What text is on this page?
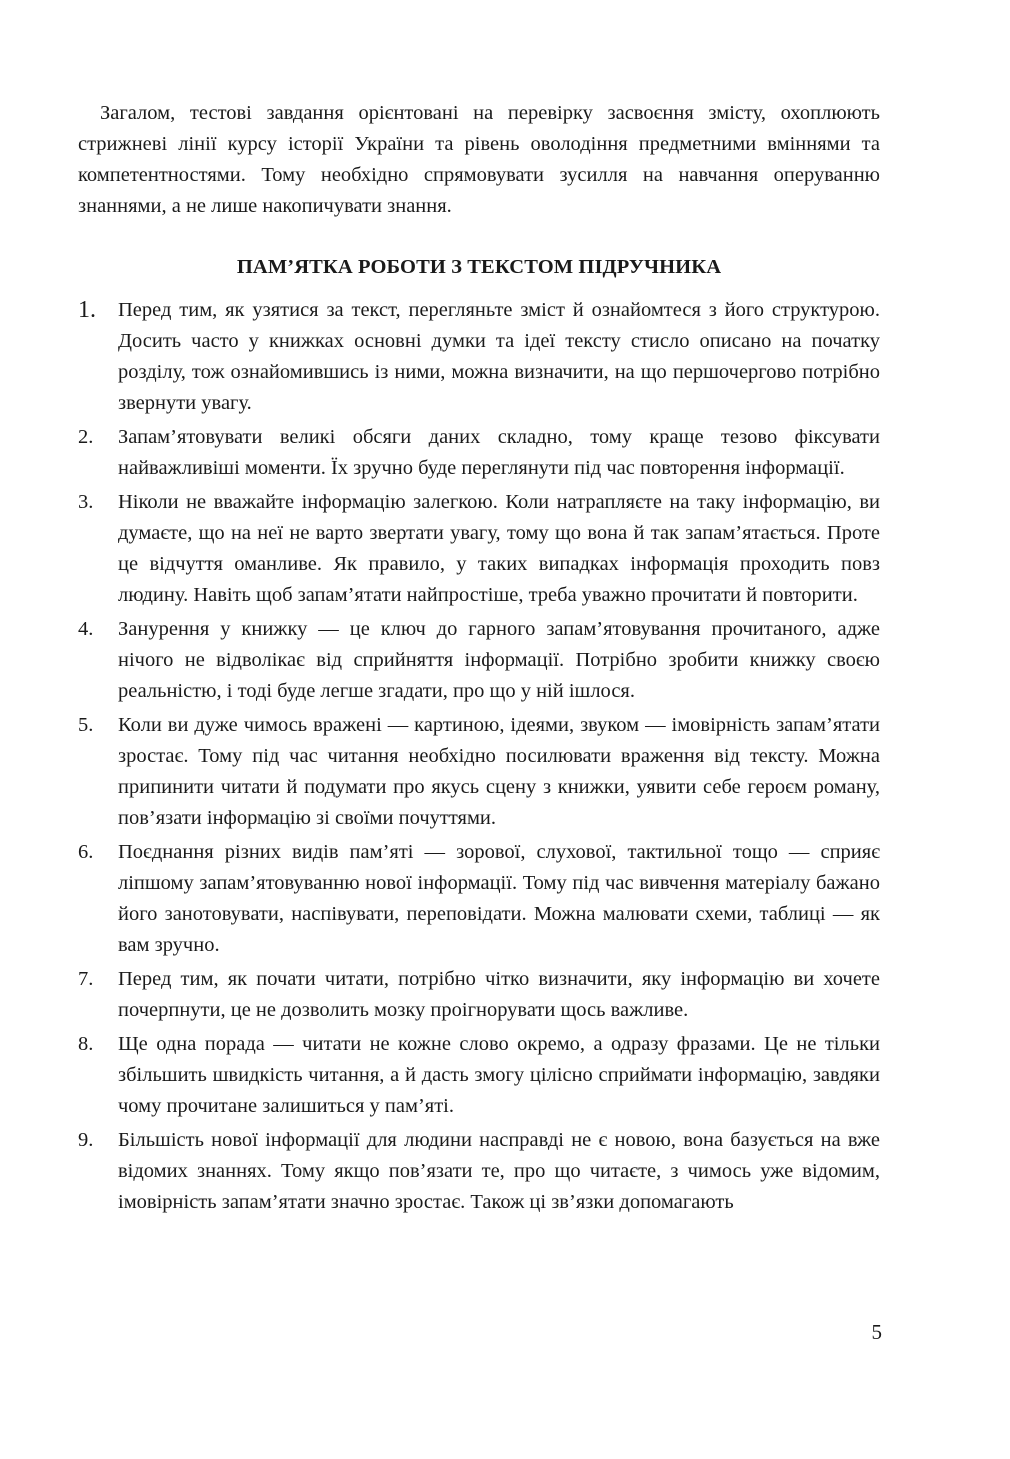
Загалом, тестові завдання орієнтовані на перевірку засвоєння змісту, охоплюють стрижневі лінії курсу історії України та рівень оволодіння предметними вміннями та компетентностями. Тому необхідно спрямовувати зусилля на навчання оперуванню знаннями, а не лише накопичувати знання.

ПАМ’ЯТКА РОБОТИ З ТЕКСТОМ ПІДРУЧНИКА
1.	Перед тим, як узятися за текст, перегляньте зміст й ознайомтеся з його структурою. Досить часто у книжках основні думки та ідеї тексту стисло описано на початку розділу, тож ознайомившись із ними, можна визначити, на що першочергово потрібно звернути увагу.
2.	Запам’ятовувати великі обсяги даних складно, тому краще тезово фіксувати найважливіші моменти. Їх зручно буде переглянути під час повторення інформації.
3.	Ніколи не вважайте інформацію залегкою. Коли натрапляєте на таку інформацію, ви думаєте, що на неї не варто звертати увагу, тому що вона й так запам’ятається. Проте це відчуття оманливе. Як правило, у таких випадках інформація проходить повз людину. Навіть щоб запам’ятати найпростіше, треба уважно прочитати й повторити.
4.	Занурення у книжку — це ключ до гарного запам’ятовування прочитаного, адже нічого не відволікає від сприйняття інформації. Потрібно зробити книжку своєю реальністю, і тоді буде легше згадати, про що у ній ішлося.
5.	Коли ви дуже чимось вражені — картиною, ідеями, звуком — імовірність запам’ятати зростає. Тому під час читання необхідно посилювати враження від тексту. Можна припинити читати й подумати про якусь сцену з книжки, уявити себе героєм роману, пов’язати інформацію зі своїми почуттями.
6.	Поєднання різних видів пам’яті — зорової, слухової, тактильної тощо — сприяє ліпшому запам’ятовуванню нової інформації. Тому під час вивчення матеріалу бажано його занотовувати, наспівувати, переповідати. Можна малювати схеми, таблиці — як вам зручно.
7.	Перед тим, як почати читати, потрібно чітко визначити, яку інформацію ви хочете почерпнути, це не дозволить мозку проігнорувати щось важливе.
8.	Ще одна порада — читати не кожне слово окремо, а одразу фразами. Це не тільки збільшить швидкість читання, а й дасть змогу цілісно сприймати інформацію, завдяки чому прочитане залишиться у пам’яті.
9.	Більшість нової інформації для людини насправді не є новою, вона базується на вже відомих знаннях. Тому якщо пов’язати те, про що читаєте, з чимось уже відомим, імовірність запам’ятати значно зростає. Також ці зв’язки допомагають
5
